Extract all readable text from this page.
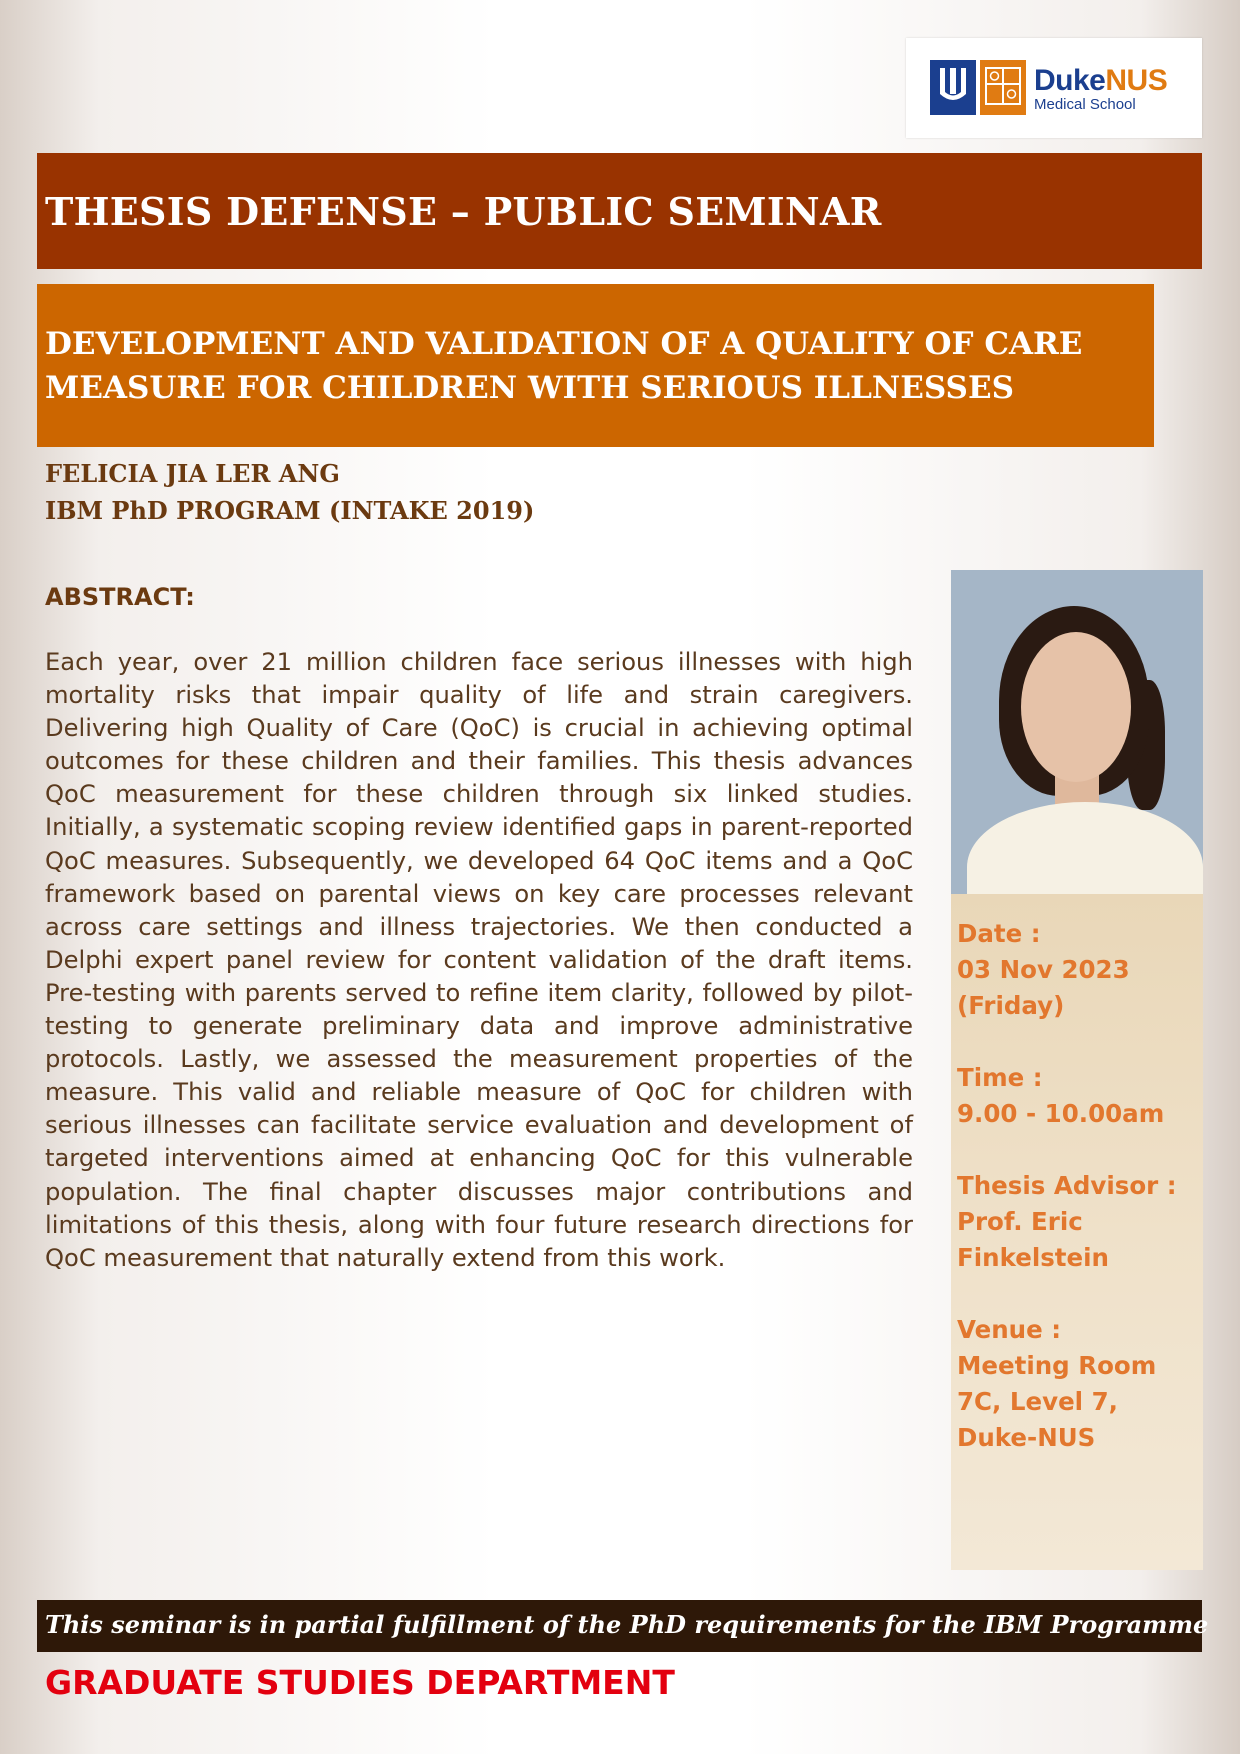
DukeNUS
Medical School
THESIS DEFENSE – PUBLIC SEMINAR
DEVELOPMENT AND VALIDATION OF A QUALITY OF CARE MEASURE FOR CHILDREN WITH SERIOUS ILLNESSES
FELICIA JIA LER ANG
IBM PhD PROGRAM (INTAKE 2019)
ABSTRACT:
Each year, over 21 million children face serious illnesses with high mortality risks that impair quality of life and strain caregivers. Delivering high Quality of Care (QoC) is crucial in achieving optimal outcomes for these children and their families. This thesis advances QoC measurement for these children through six linked studies. Initially, a systematic scoping review identified gaps in parent-reported QoC measures. Subsequently, we developed 64 QoC items and a QoC framework based on parental views on key care processes relevant across care settings and illness trajectories. We then conducted a Delphi expert panel review for content validation of the draft items. Pre-testing with parents served to refine item clarity, followed by pilot-testing to generate preliminary data and improve administrative protocols. Lastly, we assessed the measurement properties of the measure. This valid and reliable measure of QoC for children with serious illnesses can facilitate service evaluation and development of targeted interventions aimed at enhancing QoC for this vulnerable population. The final chapter discusses major contributions and limitations of this thesis, along with four future research directions for QoC measurement that naturally extend from this work.
Date :
03 Nov 2023
(Friday)
Time :
9.00 - 10.00am
Thesis Advisor :
Prof. Eric Finkelstein
Venue :
Meeting Room 7C, Level 7, Duke-NUS
This seminar is in partial fulfillment of the PhD requirements for the IBM Programme
GRADUATE STUDIES DEPARTMENT
